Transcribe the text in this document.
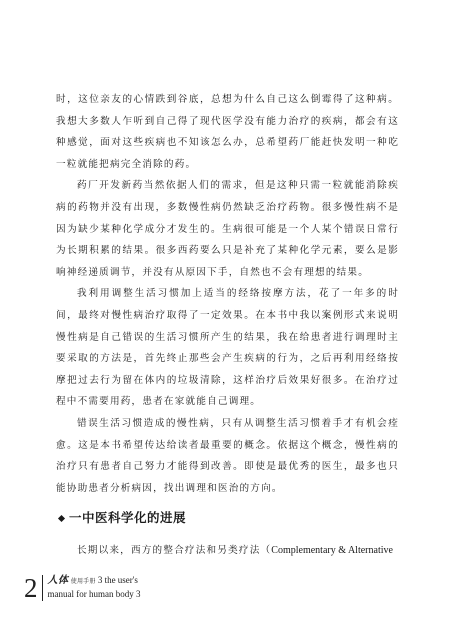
时，这位亲友的心情跌到谷底，总想为什么自己这么倒霉得了这种病。我想大多数人乍听到自己得了现代医学没有能力治疗的疾病，都会有这种感觉，面对这些疾病也不知该怎么办，总希望药厂能赶快发明一种吃一粒就能把病完全消除的药。

药厂开发新药当然依据人们的需求，但是这种只需一粒就能消除疾病的药物并没有出现，多数慢性病仍然缺乏治疗药物。很多慢性病不是因为缺少某种化学成分才发生的。生病很可能是一个人某个错误日常行为长期积累的结果。很多西药要么只是补充了某种化学元素，要么是影响神经递质调节，并没有从原因下手，自然也不会有理想的结果。

我利用调整生活习惯加上适当的经络按摩方法，花了一年多的时间，最终对慢性病治疗取得了一定效果。在本书中我以案例形式来说明慢性病是自己错误的生活习惯所产生的结果，我在给患者进行调理时主要采取的方法是，首先终止那些会产生疾病的行为，之后再利用经络按摩把过去行为留在体内的垃圾清除，这样治疗后效果好很多。在治疗过程中不需要用药，患者在家就能自己调理。

错误生活习惯造成的慢性病，只有从调整生活习惯着手才有机会痊愈。这是本书希望传达给读者最重要的概念。依据这个概念，慢性病的治疗只有患者自己努力才能得到改善。即使是最优秀的医生，最多也只能协助患者分析病因，找出调理和医治的方向。

一中医科学化的进展
长期以来，西方的整合疗法和另类疗法（Complementary & Alternative
2 人体 使用手册 3 the user's
manual for human body 3
